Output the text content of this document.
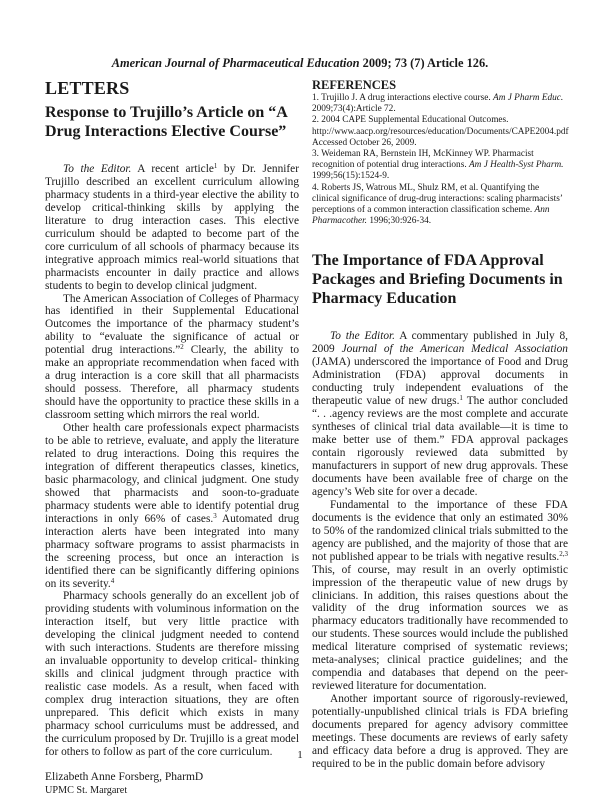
American Journal of Pharmaceutical Education 2009; 73 (7) Article 126.
LETTERS
Response to Trujillo’s Article on “A Drug Interactions Elective Course”

To the Editor. A recent article$^1$ by Dr. Jennifer Trujillo described an excellent curriculum allowing pharmacy students in a third-year elective the ability to develop critical-thinking skills by applying the literature to drug interaction cases. This elective curriculum should be adapted to become part of the core curriculum of all schools of pharmacy because its integrative approach mimics real-world situations that pharmacists encounter in daily practice and allows students to begin to develop clinical judgment.

The American Association of Colleges of Pharmacy has identified in their Supplemental Educational Outcomes the importance of the pharmacy student’s ability to “evaluate the significance of actual or potential drug interactions.”$^2$ Clearly, the ability to make an appropriate recommendation when faced with a drug interaction is a core skill that all pharmacists should possess. Therefore, all pharmacy students should have the opportunity to practice these skills in a classroom setting which mirrors the real world.

Other health care professionals expect pharmacists to be able to retrieve, evaluate, and apply the literature related to drug interactions. Doing this requires the integration of different therapeutics classes, kinetics, basic pharmacology, and clinical judgment. One study showed that pharmacists and soon-to-graduate pharmacy students were able to identify potential drug interactions in only 66% of cases.$^3$ Automated drug interaction alerts have been integrated into many pharmacy software programs to assist pharmacists in the screening process, but once an interaction is identified there can be significantly differing opinions on its severity.$^4$

Pharmacy schools generally do an excellent job of providing students with voluminous information on the interaction itself, but very little practice with developing the clinical judgment needed to contend with such interactions. Students are therefore missing an invaluable opportunity to develop critical- thinking skills and clinical judgment through practice with realistic case models. As a result, when faced with complex drug interaction situations, they are often unprepared. This deficit which exists in many pharmacy school curriculums must be addressed, and the curriculum proposed by Dr. Trujillo is a great model for others to follow as part of the core curriculum.

Elizabeth Anne Forsberg, PharmD
UPMC St. Margaret
REFERENCES
1. Trujillo J. A drug interactions elective course. Am J Pharm Educ. 2009;73(4):Article 72.
2. 2004 CAPE Supplemental Educational Outcomes. http://www.aacp.org/resources/education/Documents/CAPE2004.pdf Accessed October 26, 2009.
3. Weideman RA, Bernstein IH, McKinney WP. Pharmacist recognition of potential drug interactions. Am J Health-Syst Pharm. 1999;56(15):1524-9.
4. Roberts JS, Watrous ML, Shulz RM, et al. Quantifying the clinical significance of drug-drug interactions: scaling pharmacists’ perceptions of a common interaction classification scheme. Ann Pharmacother. 1996;30:926-34.
The Importance of FDA Approval Packages and Briefing Documents in Pharmacy Education

To the Editor. A commentary published in July 8, 2009 Journal of the American Medical Association (JAMA) underscored the importance of Food and Drug Administration (FDA) approval documents in conducting truly independent evaluations of the therapeutic value of new drugs.$^1$ The author concluded “. . .agency reviews are the most complete and accurate syntheses of clinical trial data available—it is time to make better use of them.” FDA approval packages contain rigorously reviewed data submitted by manufacturers in support of new drug approvals. These documents have been available free of charge on the agency’s Web site for over a decade.

Fundamental to the importance of these FDA documents is the evidence that only an estimated 30% to 50% of the randomized clinical trials submitted to the agency are published, and the majority of those that are not published appear to be trials with negative results.$^{2,3}$ This, of course, may result in an overly optimistic impression of the therapeutic value of new drugs by clinicians. In addition, this raises questions about the validity of the drug information sources we as pharmacy educators traditionally have recommended to our students. These sources would include the published medical literature comprised of systematic reviews; meta-analyses; clinical practice guidelines; and the compendia and databases that depend on the peer-reviewed literature for documentation.

Another important source of rigorously-reviewed, potentially-unpublished clinical trials is FDA briefing documents prepared for agency advisory committee meetings. These documents are reviews of early safety and efficacy data before a drug is approved. They are required to be in the public domain before advisory

1
